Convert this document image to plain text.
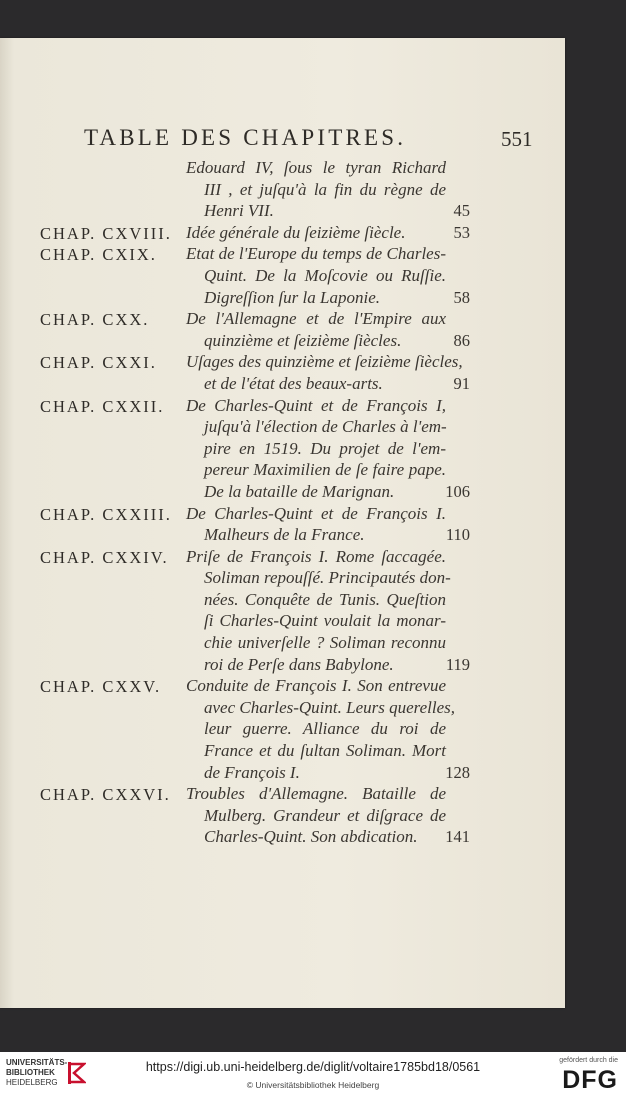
TABLE DES CHAPITRES.	551
Edouard IV, ſous le tyran Richard
III , et juſqu'à la fin du règne de
Henri VII.	45
CHAP. CXVIII. Idée générale du ſeizième ſiècle.	53
CHAP. CXIX.	Etat de l'Europe du temps de Charles-
Quint. De la Moſcovie ou Ruſſie.
Digreſſion ſur la Laponie.	58
CHAP. CXX.	De l'Allemagne et de l'Empire aux
quinzième et ſeizième ſiècles.	86
CHAP. CXXI.	Uſages des quinzième et ſeizième ſiècles,
et de l'état des beaux-arts.	91
CHAP. CXXII.	De Charles-Quint et de François I,
juſqu'à l'élection de Charles à l'em-
pire en 1519. Du projet de l'em-
pereur Maximilien de ſe faire pape.
De la bataille de Marignan.	106
CHAP. CXXIII. De Charles-Quint et de François I.
Malheurs de la France.	110
CHAP. CXXIV.	Priſe de François I. Rome ſaccagée.
Soliman repouſſé. Principautés don-
nées. Conquête de Tunis. Queſtion
ſi Charles-Quint voulait la monar-
chie univerſelle ? Soliman reconnu
roi de Perſe dans Babylone.	119
CHAP. CXXV.	Conduite de François I. Son entrevue
avec Charles-Quint. Leurs querelles,
leur guerre. Alliance du roi de
France et du ſultan Soliman. Mort
de François I.	128
CHAP. CXXVI. Troubles d'Allemagne. Bataille de
Mulberg. Grandeur et diſgrace de
Charles-Quint. Son abdication. 141
UNIVERSITÄTS-
BIBLIOTHEK
HEIDELBERG
https://digi.ub.uni-heidelberg.de/diglit/voltaire1785bd18/0561
© Universitätsbibliothek Heidelberg
gefördert durch die
DFG
